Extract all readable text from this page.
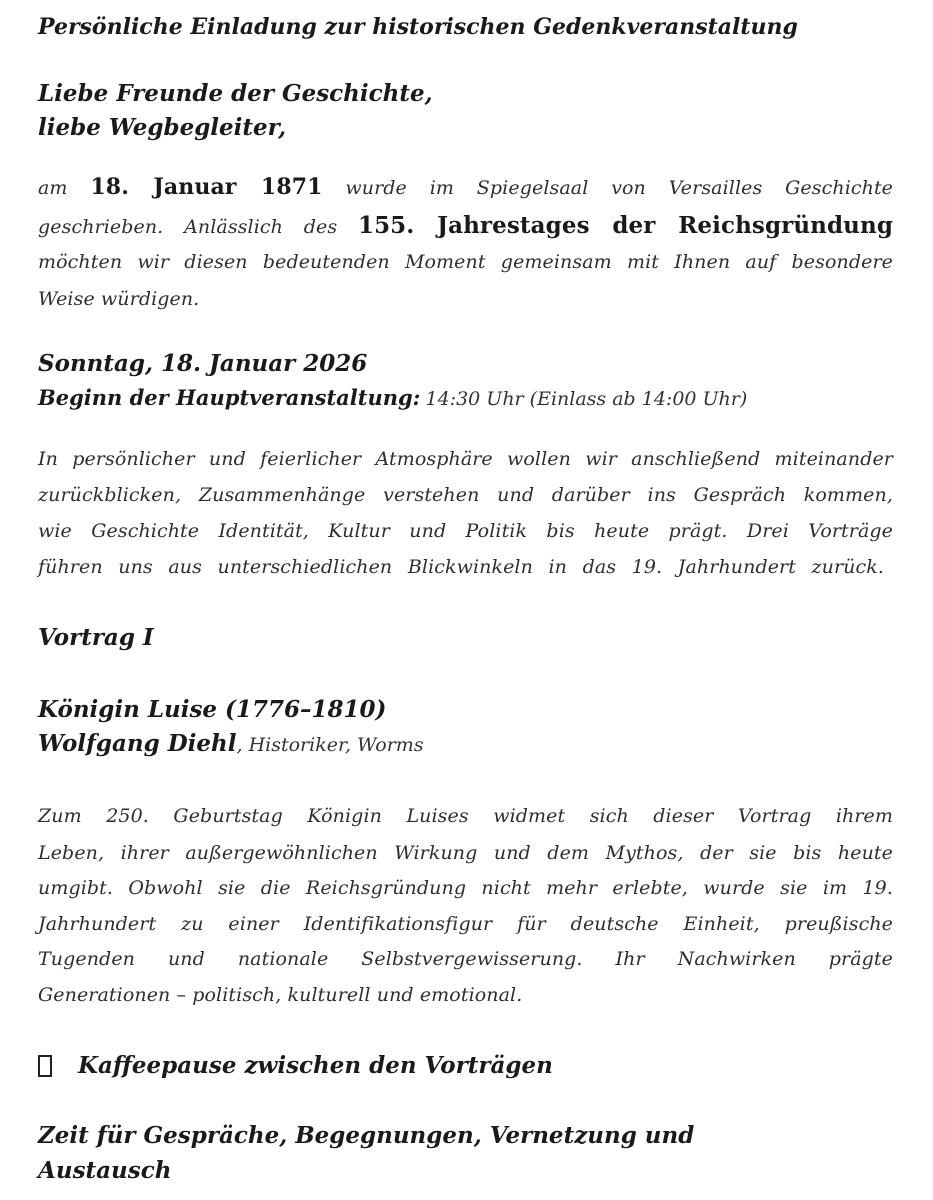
Persönliche Einladung zur historischen Gedenkveranstaltung

Liebe Freunde der Geschichte,

liebe Wegbegleiter,

am 18. Januar 1871 wurde im Spiegelsaal von Versailles Geschichte

geschrieben. Anlässlich des 155. Jahrestages der Reichsgründung

möchten wir diesen bedeutenden Moment gemeinsam mit Ihnen auf besondere

Weise würdigen.

Sonntag, 18. Januar 2026

Beginn der Hauptveranstaltung: 14:30 Uhr (Einlass ab 14:00 Uhr)

In persönlicher und feierlicher Atmosphäre wollen wir anschließend miteinander

zurückblicken, Zusammenhänge verstehen und darüber ins Gespräch kommen,

wie Geschichte Identität, Kultur und Politik bis heute prägt. Drei Vorträge

führen uns aus unterschiedlichen Blickwinkeln in das 19. Jahrhundert zurück.

Vortrag I

Königin Luise (1776–1810)

Wolfgang Diehl, Historiker, Worms

Zum 250. Geburtstag Königin Luises widmet sich dieser Vortrag ihrem

Leben, ihrer außergewöhnlichen Wirkung und dem Mythos, der sie bis heute

umgibt. Obwohl sie die Reichsgründung nicht mehr erlebte, wurde sie im 19.

Jahrhundert zu einer Identifikationsfigur für deutsche Einheit, preußische

Tugenden und nationale Selbstvergewisserung. Ihr Nachwirken prägte

Generationen – politisch, kulturell und emotional.

Kaffeepause zwischen den Vorträgen

Zeit für Gespräche, Begegnungen, Vernetzung und

Austausch
